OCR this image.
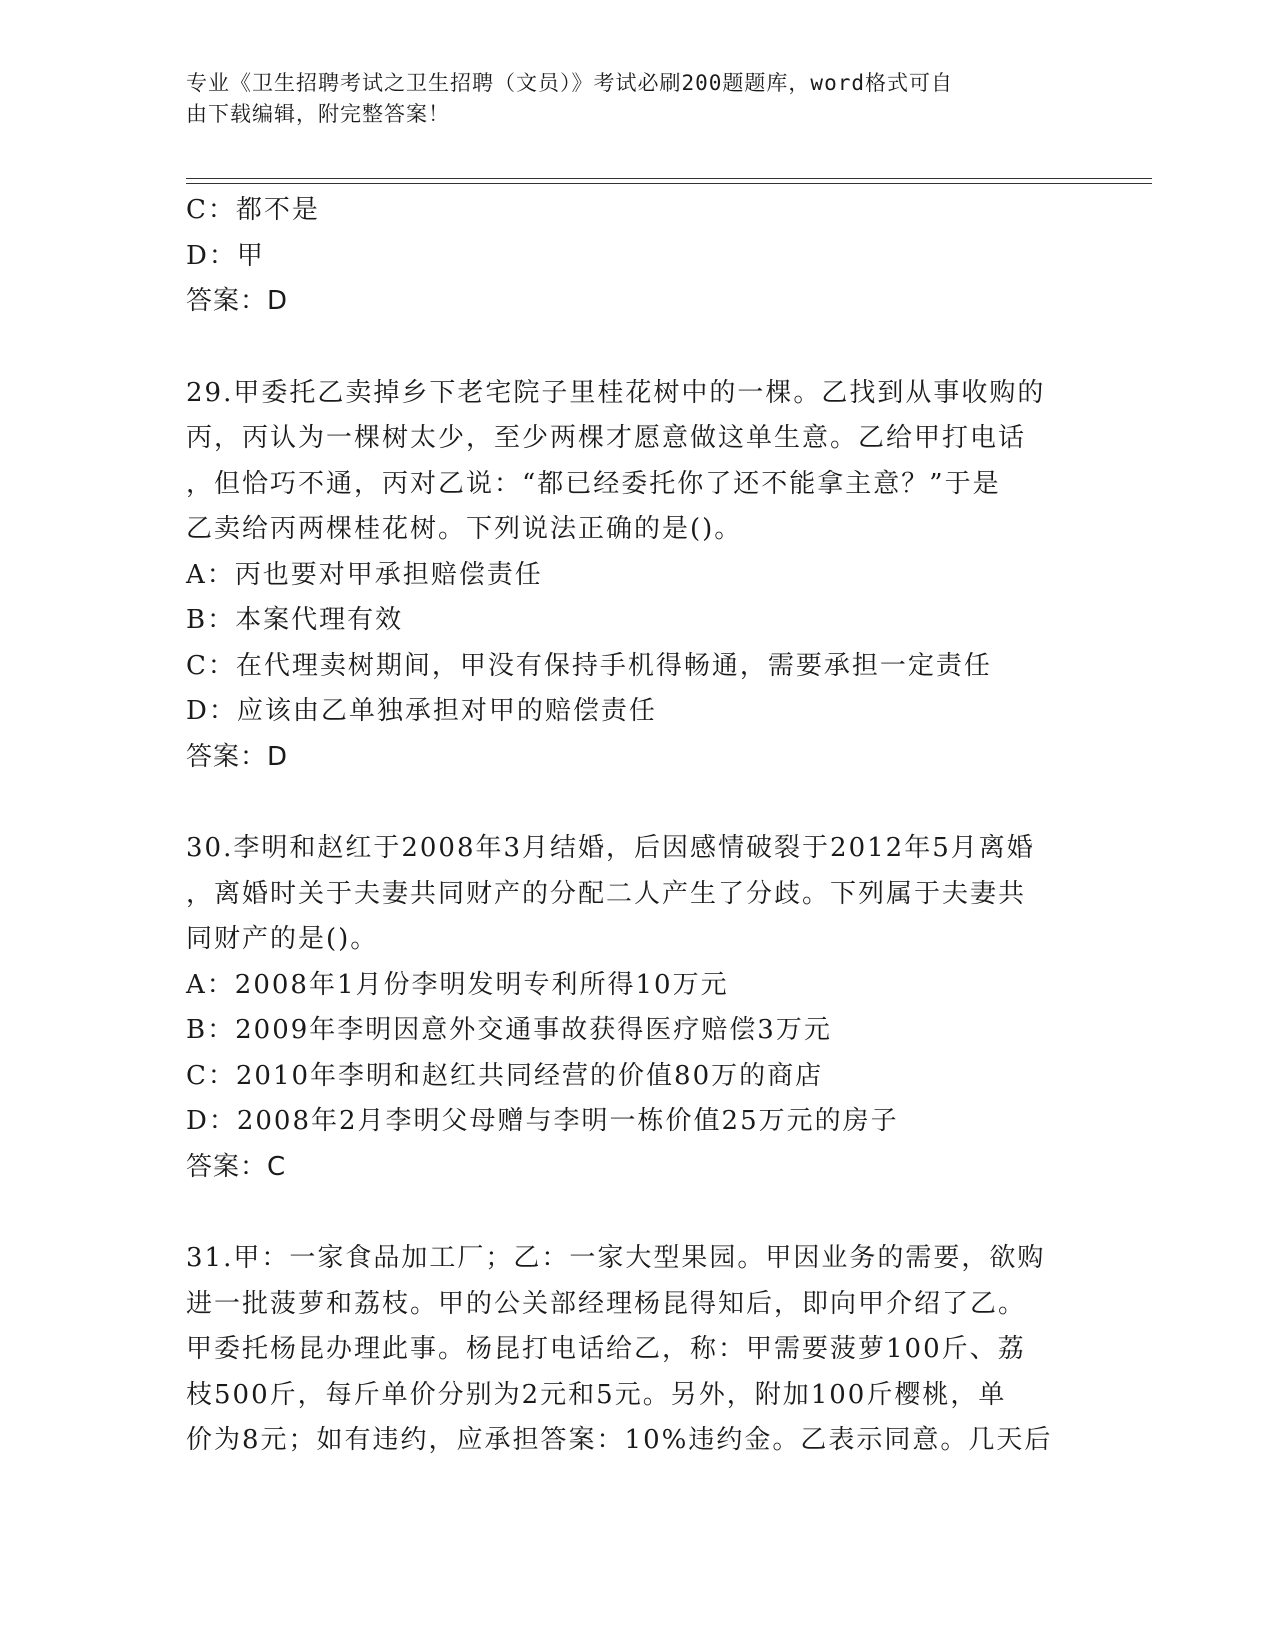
专业《卫生招聘考试之卫生招聘（文员）》考试必刷200题题库，word格式可自
由下载编辑，附完整答案！
C：都不是
D：甲
答案：D
29.甲委托乙卖掉乡下老宅院子里桂花树中的一棵。乙找到从事收购的
丙，丙认为一棵树太少，至少两棵才愿意做这单生意。乙给甲打电话
，但恰巧不通，丙对乙说：“都已经委托你了还不能拿主意？”于是
乙卖给丙两棵桂花树。下列说法正确的是()。
A：丙也要对甲承担赔偿责任
B：本案代理有效
C：在代理卖树期间，甲没有保持手机得畅通，需要承担一定责任
D：应该由乙单独承担对甲的赔偿责任
答案：D
30.李明和赵红于2008年3月结婚，后因感情破裂于2012年5月离婚
，离婚时关于夫妻共同财产的分配二人产生了分歧。下列属于夫妻共
同财产的是()。
A：2008年1月份李明发明专利所得10万元
B：2009年李明因意外交通事故获得医疗赔偿3万元
C：2010年李明和赵红共同经营的价值80万的商店
D：2008年2月李明父母赠与李明一栋价值25万元的房子
答案：C
31.甲：一家食品加工厂；乙：一家大型果园。甲因业务的需要，欲购
进一批菠萝和荔枝。甲的公关部经理杨昆得知后，即向甲介绍了乙。
甲委托杨昆办理此事。杨昆打电话给乙，称：甲需要菠萝100斤、荔
枝500斤，每斤单价分别为2元和5元。另外，附加100斤樱桃，单
价为8元；如有违约，应承担答案：10%违约金。乙表示同意。几天后
